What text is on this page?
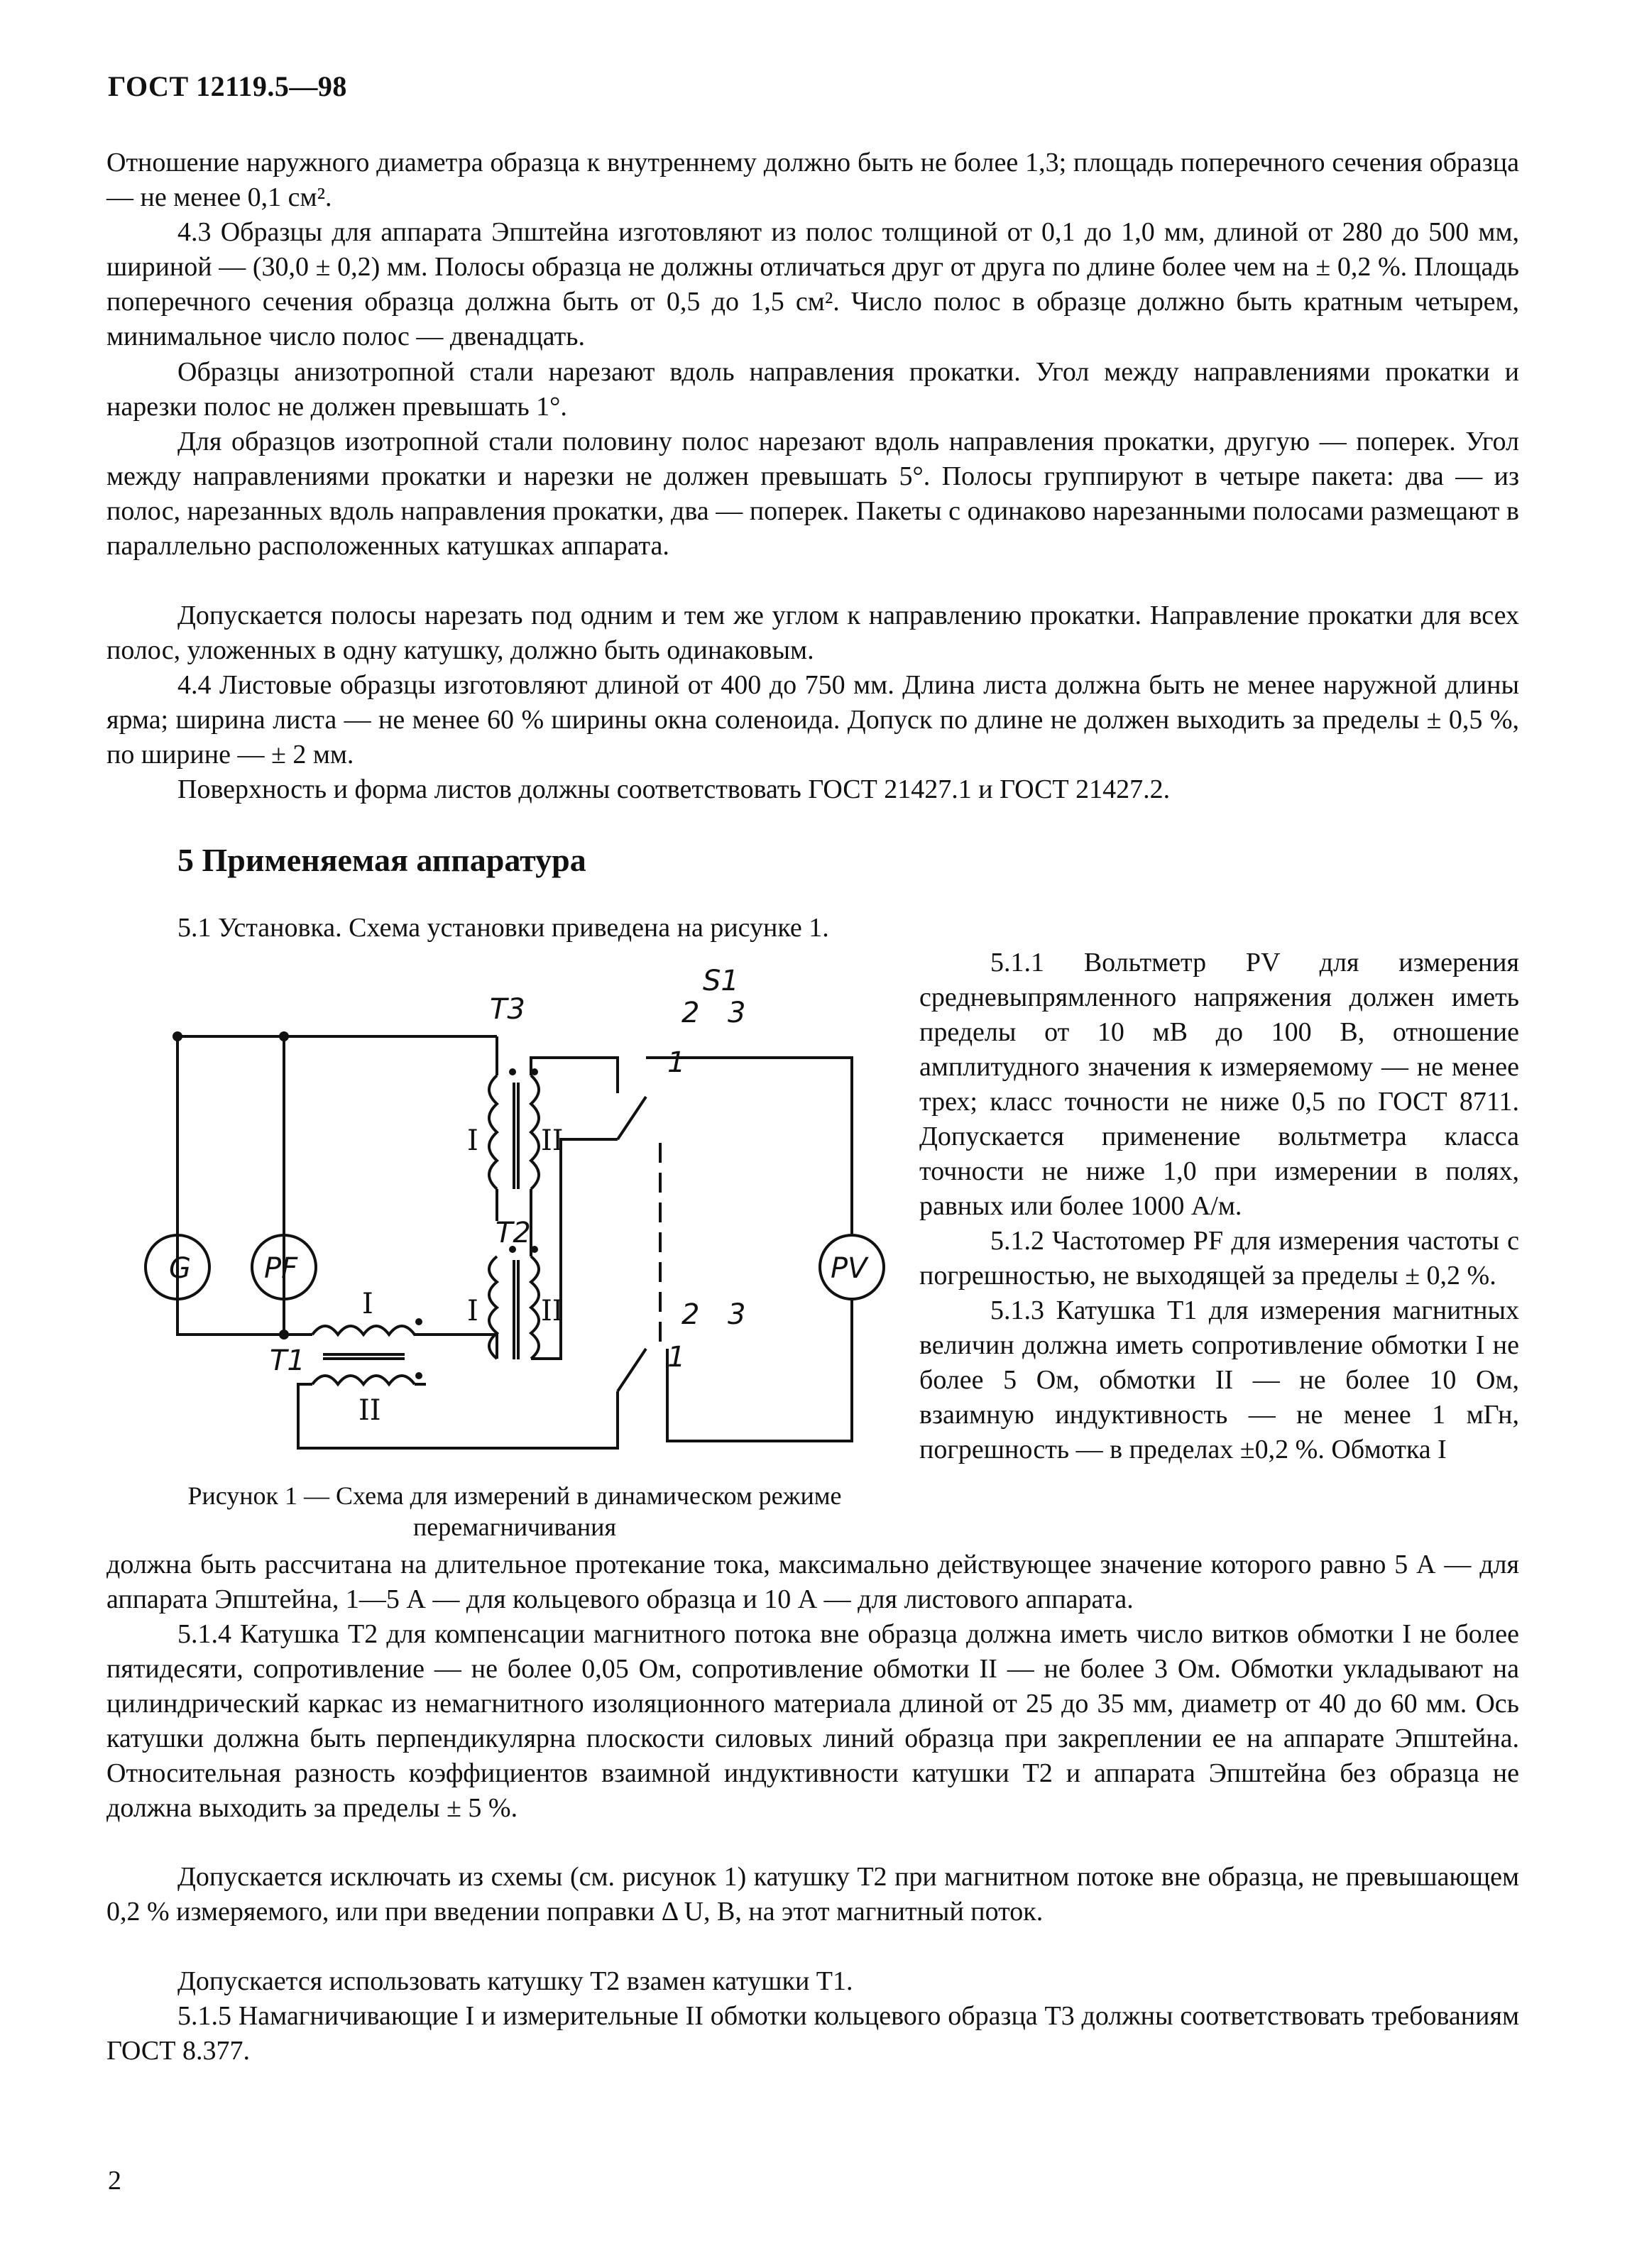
ГОСТ 12119.5—98
Отношение наружного диаметра образца к внутреннему должно быть не более 1,3; площадь поперечного сечения образца — не менее 0,1 см².
4.3 Образцы для аппарата Эпштейна изготовляют из полос толщиной от 0,1 до 1,0 мм, длиной от 280 до 500 мм, шириной — (30,0 ± 0,2) мм. Полосы образца не должны отличаться друг от друга по длине более чем на ± 0,2 %. Площадь поперечного сечения образца должна быть от 0,5 до 1,5 см². Число полос в образце должно быть кратным четырем, минимальное число полос — двенадцать.
Образцы анизотропной стали нарезают вдоль направления прокатки. Угол между направлениями прокатки и нарезки полос не должен превышать 1°.
Для образцов изотропной стали половину полос нарезают вдоль направления прокатки, другую — поперек. Угол между направлениями прокатки и нарезки не должен превышать 5°. Полосы группируют в четыре пакета: два — из полос, нарезанных вдоль направления прокатки, два — поперек. Пакеты с одинаково нарезанными полосами размещают в параллельно расположенных катушках аппарата.
Допускается полосы нарезать под одним и тем же углом к направлению прокатки. Направление прокатки для всех полос, уложенных в одну катушку, должно быть одинаковым.
4.4 Листовые образцы изготовляют длиной от 400 до 750 мм. Длина листа должна быть не менее наружной длины ярма; ширина листа — не менее 60 % ширины окна соленоида. Допуск по длине не должен выходить за пределы ± 0,5 %, по ширине — ± 2 мм.
Поверхность и форма листов должны соответствовать ГОСТ 21427.1 и ГОСТ 21427.2.
5 Применяемая аппаратура
5.1 Установка. Схема установки приведена на рисунке 1.
5.1.1 Вольтметр PV для измерения средневыпрямленного напряжения должен иметь пределы от 10 мВ до 100 В, отношение амплитудного значения к измеряемому — не менее трех; класс точности не ниже 0,5 по ГОСТ 8711. Допускается применение вольтметра класса точности не ниже 1,0 при измерении в полях, равных или более 1000 А/м.
5.1.2 Частотомер PF для измерения частоты с погрешностью, не выходящей за пределы ± 0,2 %.
5.1.3 Катушка T1 для измерения магнитных величин должна иметь сопротивление обмотки I не более 5 Ом, обмотки II — не более 10 Ом, взаимную индуктивность — не менее 1 мГн, погрешность — в пределах ±0,2 %. Обмотка I
G	PF	PV
T3
T2
T1
S1
2 3
1
2 3
1
I II
I II
I
II
Рисунок 1 — Схема для измерений в динамическом режиме перемагничивания
должна быть рассчитана на длительное протекание тока, максимально действующее значение которого равно 5 А — для аппарата Эпштейна, 1—5 А — для кольцевого образца и 10 А — для листового аппарата.
5.1.4 Катушка T2 для компенсации магнитного потока вне образца должна иметь число витков обмотки I не более пятидесяти, сопротивление — не более 0,05 Ом, сопротивление обмотки II — не более 3 Ом. Обмотки укладывают на цилиндрический каркас из немагнитного изоляционного материала длиной от 25 до 35 мм, диаметр от 40 до 60 мм. Ось катушки должна быть перпендикулярна плоскости силовых линий образца при закреплении ее на аппарате Эпштейна. Относительная разность коэффициентов взаимной индуктивности катушки T2 и аппарата Эпштейна без образца не должна выходить за пределы ± 5 %.
Допускается исключать из схемы (см. рисунок 1) катушку T2 при магнитном потоке вне образца, не превышающем 0,2 % измеряемого, или при введении поправки Δ U, В, на этот магнитный поток.
Допускается использовать катушку T2 взамен катушки T1.
5.1.5 Намагничивающие I и измерительные II обмотки кольцевого образца T3 должны соответствовать требованиям ГОСТ 8.377.
2
